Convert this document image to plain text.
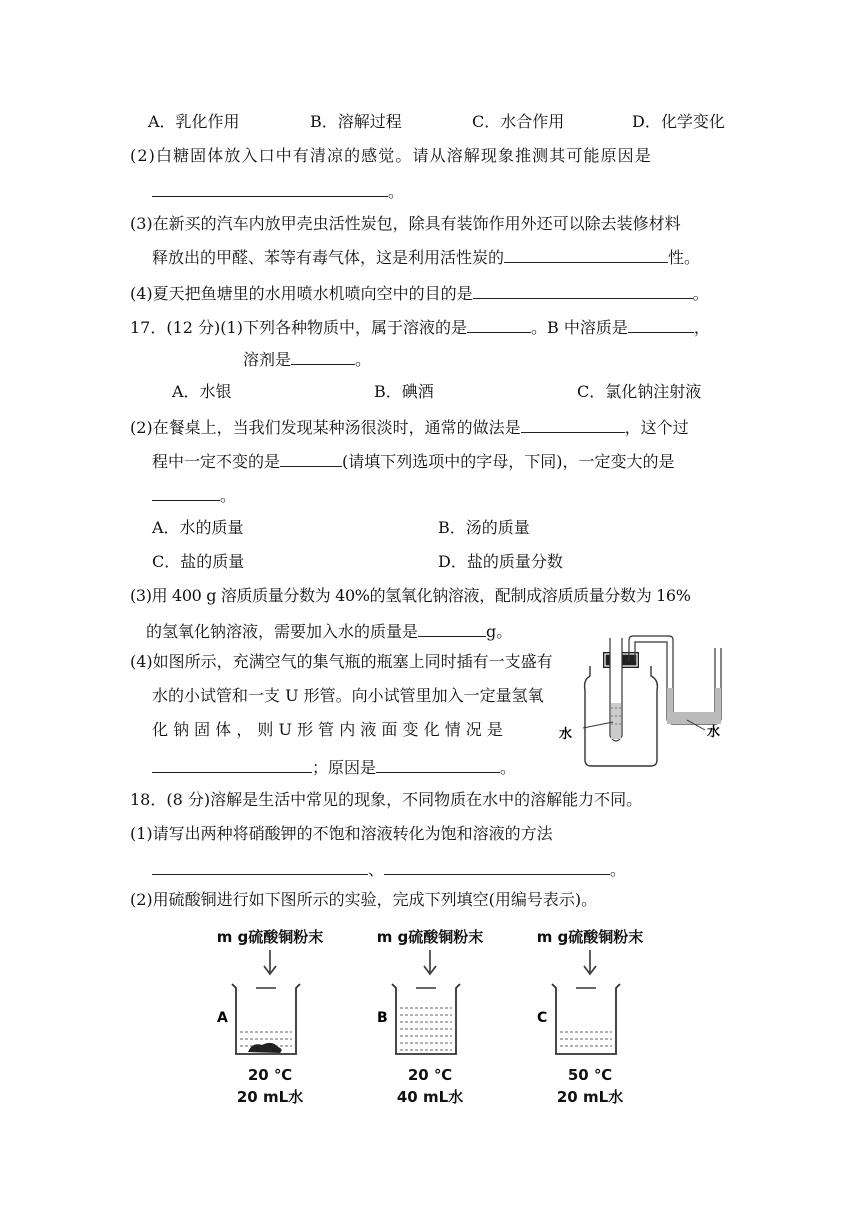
A．乳化作用	B．溶解过程	C．水合作用	D．化学变化
(2)白糖固体放入口中有清凉的感觉。请从溶解现象推测其可能原因是
。
(3)在新买的汽车内放甲壳虫活性炭包，除具有装饰作用外还可以除去装修材料
释放出的甲醛、苯等有毒气体，这是利用活性炭的	性。
(4)夏天把鱼塘里的水用喷水机喷向空中的目的是	。
17．(12 分)(1)下列各种物质中，属于溶液的是	。B 中溶质是	，
溶剂是	。
A．水银	B．碘酒	C．氯化钠注射液
(2)在餐桌上，当我们发现某种汤很淡时，通常的做法是	，这个过
程中一定不变的是	(请填下列选项中的字母，下同)，一定变大的是
。
A．水的质量	B．汤的质量
C．盐的质量	D．盐的质量分数
(3)用 400 g 溶质质量分数为 40%的氢氧化钠溶液，配制成溶质质量分数为 16%
的氢氧化钠溶液，需要加入水的质量是	g。
(4)如图所示，充满空气的集气瓶的瓶塞上同时插有一支盛有
水的小试管和一支 U 形管。向小试管里加入一定量氢氧
化 钠 固 体 ， 则 U 形 管 内 液 面 变 化 情 况 是
；原因是	。
水	水
18．(8 分)溶解是生活中常见的现象，不同物质在水中的溶解能力不同。
(1)请写出两种将硝酸钾的不饱和溶液转化为饱和溶液的方法
、	。
(2)用硫酸铜进行如下图所示的实验，完成下列填空(用编号表示)。
m g硫酸铜粉末
A
20 ℃
20 mL水
m g硫酸铜粉末
B
20 ℃
40 mL水
m g硫酸铜粉末
C
50 ℃
20 mL水
